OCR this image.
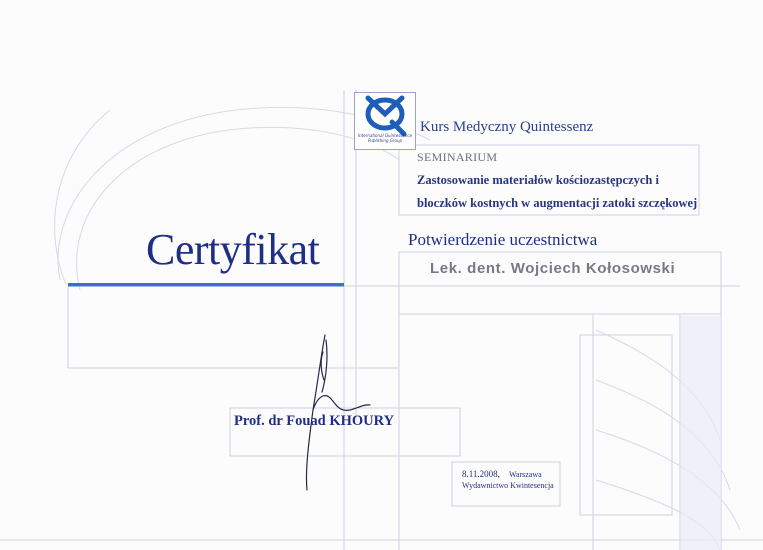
International Quintessence Publishing Group
Kurs Medyczny Quintessenz
SEMINARIUM
Zastosowanie materiałów kościozastępczych i
bloczków kostnych w augmentacji zatoki szczękowej
Certyfikat	Potwierdzenie uczestnictwa
Lek. dent. Wojciech Kołosowski
Prof. dr Fouad KHOURY
8.11.2008, Warszawa
Wydawnictwo Kwintesencja
